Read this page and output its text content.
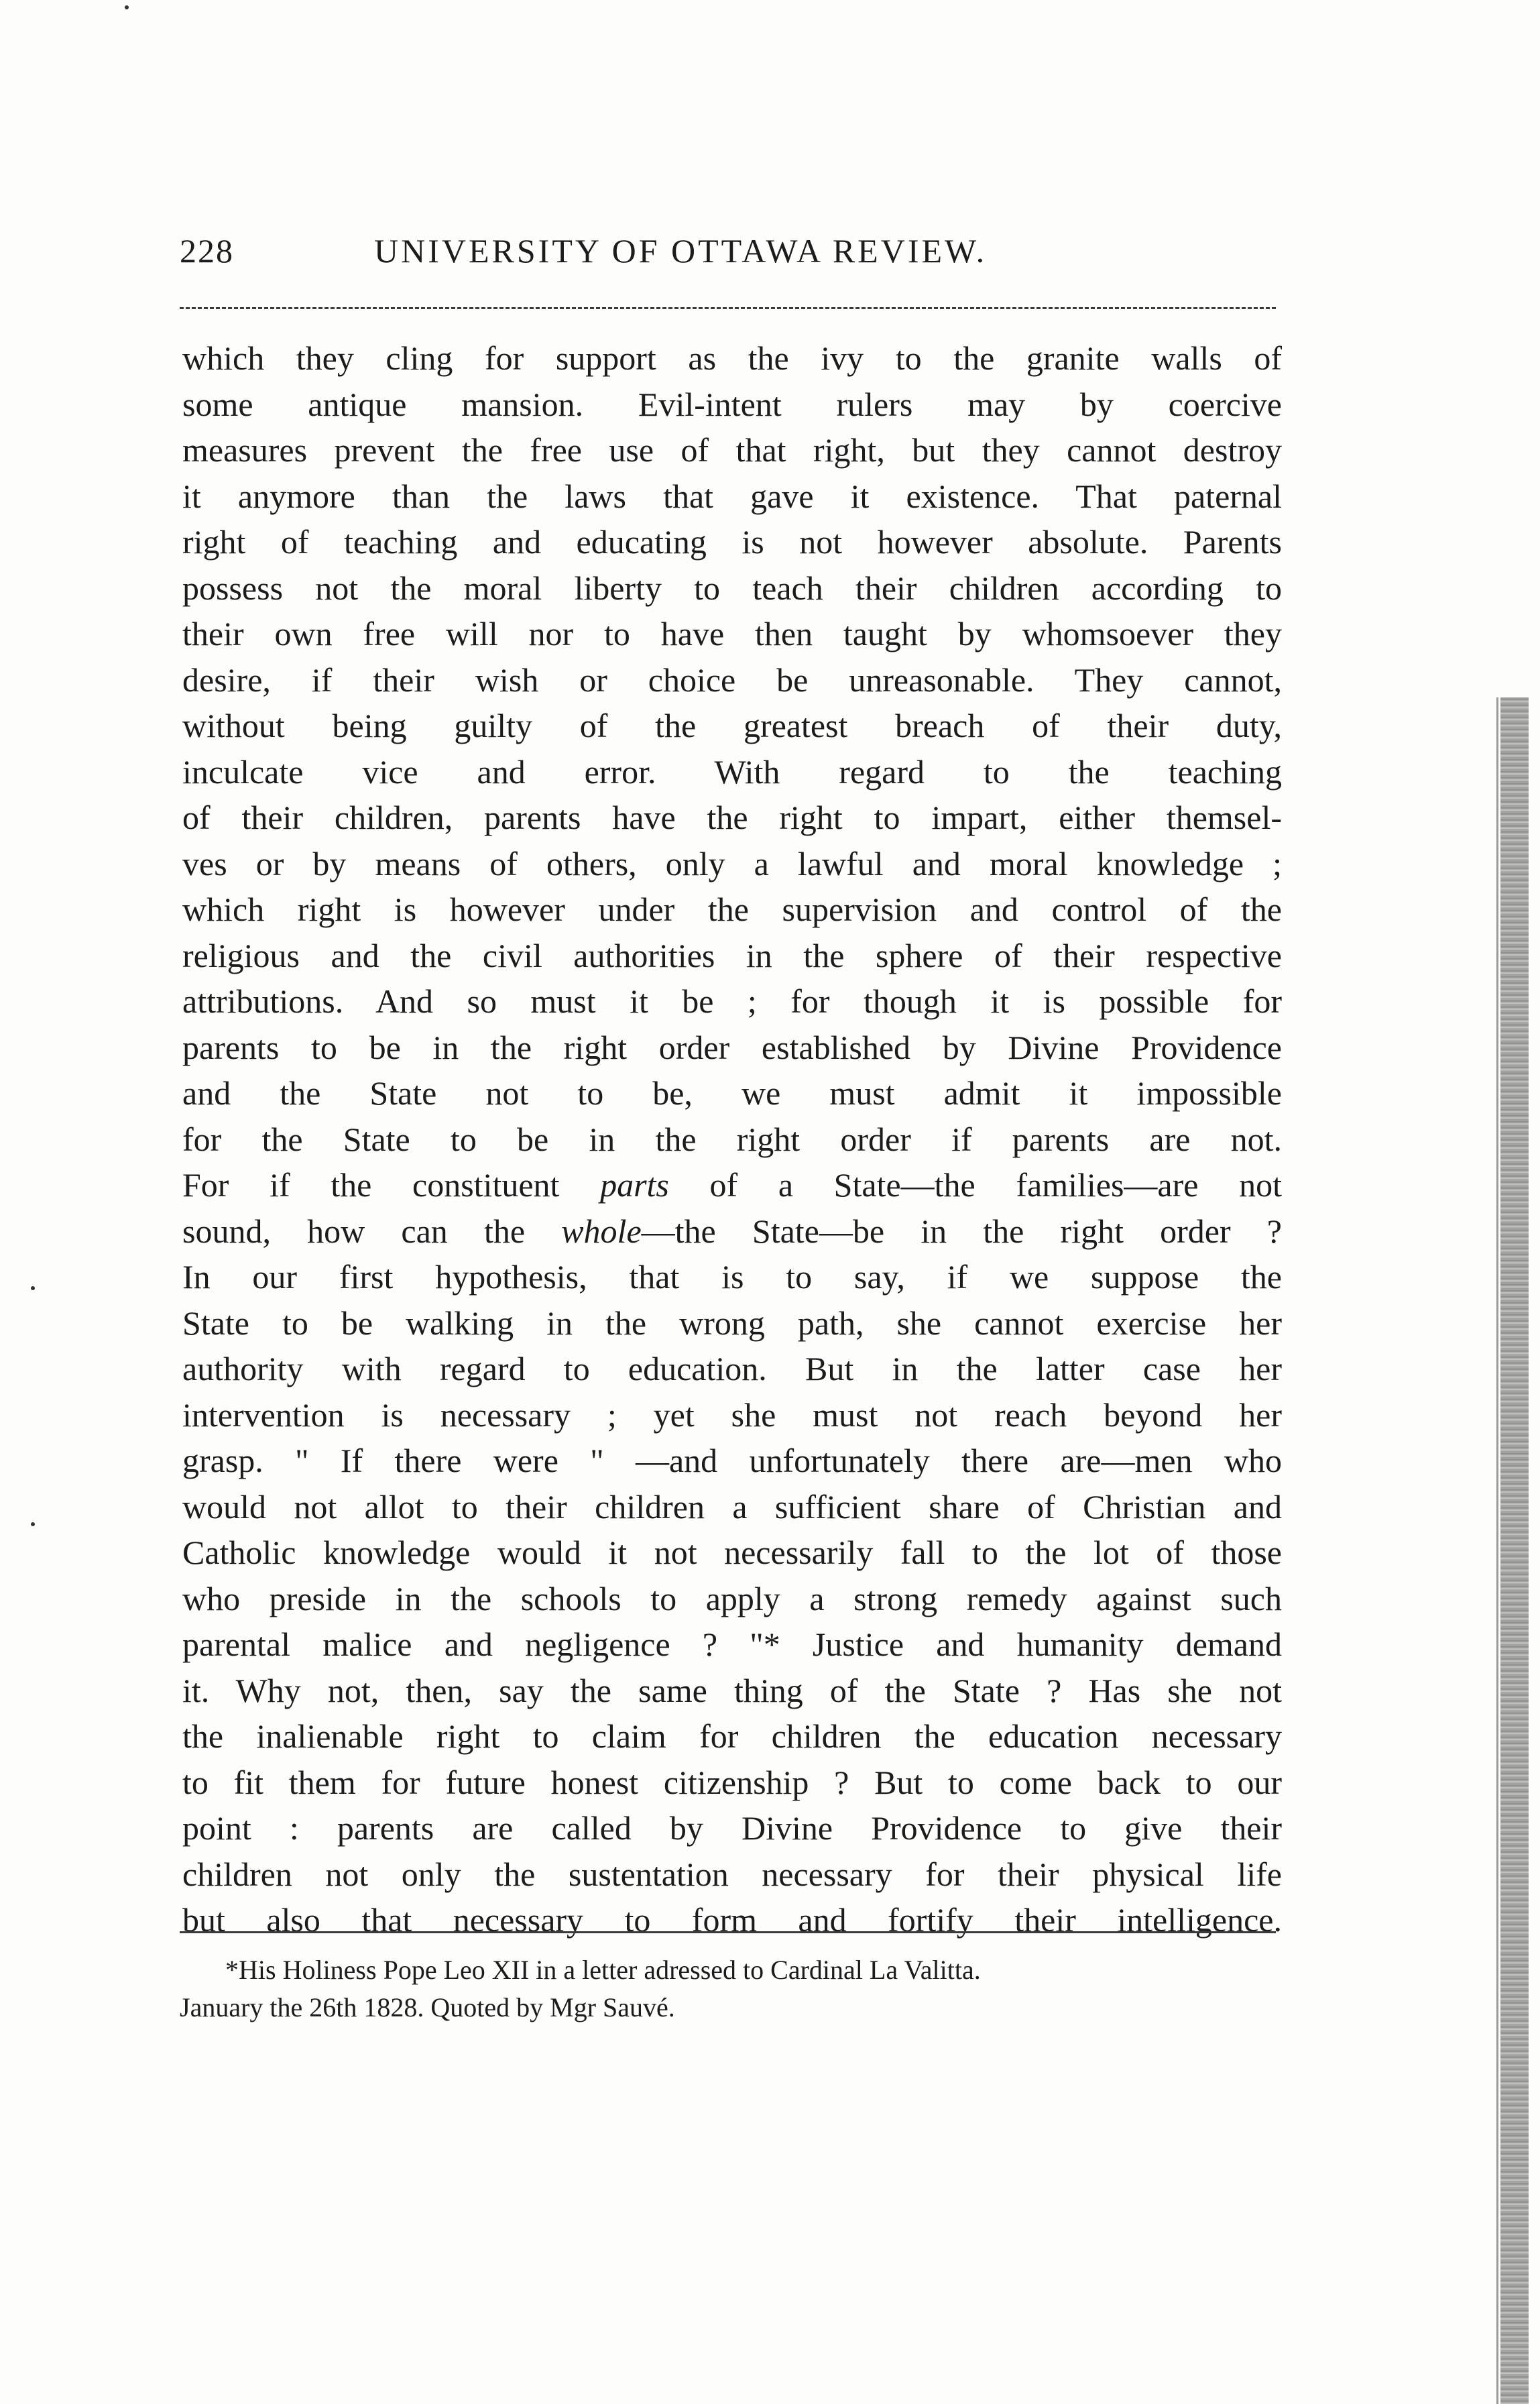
228	UNIVERSITY OF OTTAWA REVIEW.
which they cling for support as the ivy to the granite walls of
some antique mansion. Evil-intent rulers may by coercive
measures prevent the free use of that right, but they cannot destroy
it anymore than the laws that gave it existence. That paternal
right of teaching and educating is not however absolute. Parents
possess not the moral liberty to teach their children according to
their own free will nor to have then taught by whomsoever they
desire, if their wish or choice be unreasonable. They cannot,
without being guilty of the greatest breach of their duty,
inculcate vice and error. With regard to the teaching
of their children, parents have the right to impart, either themsel-
ves or by means of others, only a lawful and moral knowledge ;
which right is however under the supervision and control of the
religious and the civil authorities in the sphere of their respective
attributions. And so must it be ; for though it is possible for
parents to be in the right order established by Divine Providence
and the State not to be, we must admit it impossible
for the State to be in the right order if parents are not.
For if the constituent parts of a State—the families—are not
sound, how can the whole—the State—be in the right order ?
In our first hypothesis, that is to say, if we suppose the
State to be walking in the wrong path, she cannot exercise her
authority with regard to education. But in the latter case her
intervention is necessary ; yet she must not reach beyond her
grasp. " If there were " —and unfortunately there are—men who
would not allot to their children a sufficient share of Christian and
Catholic knowledge would it not necessarily fall to the lot of those
who preside in the schools to apply a strong remedy against such
parental malice and negligence ? "* Justice and humanity demand
it. Why not, then, say the same thing of the State ? Has she not
the inalienable right to claim for children the education necessary
to fit them for future honest citizenship ? But to come back to our
point : parents are called by Divine Providence to give their
children not only the sustentation necessary for their physical life
but also that necessary to form and fortify their intelligence.
*His Holiness Pope Leo XII in a letter adressed to Cardinal La Valitta.
January the 26th 1828. Quoted by Mgr Sauvé.
